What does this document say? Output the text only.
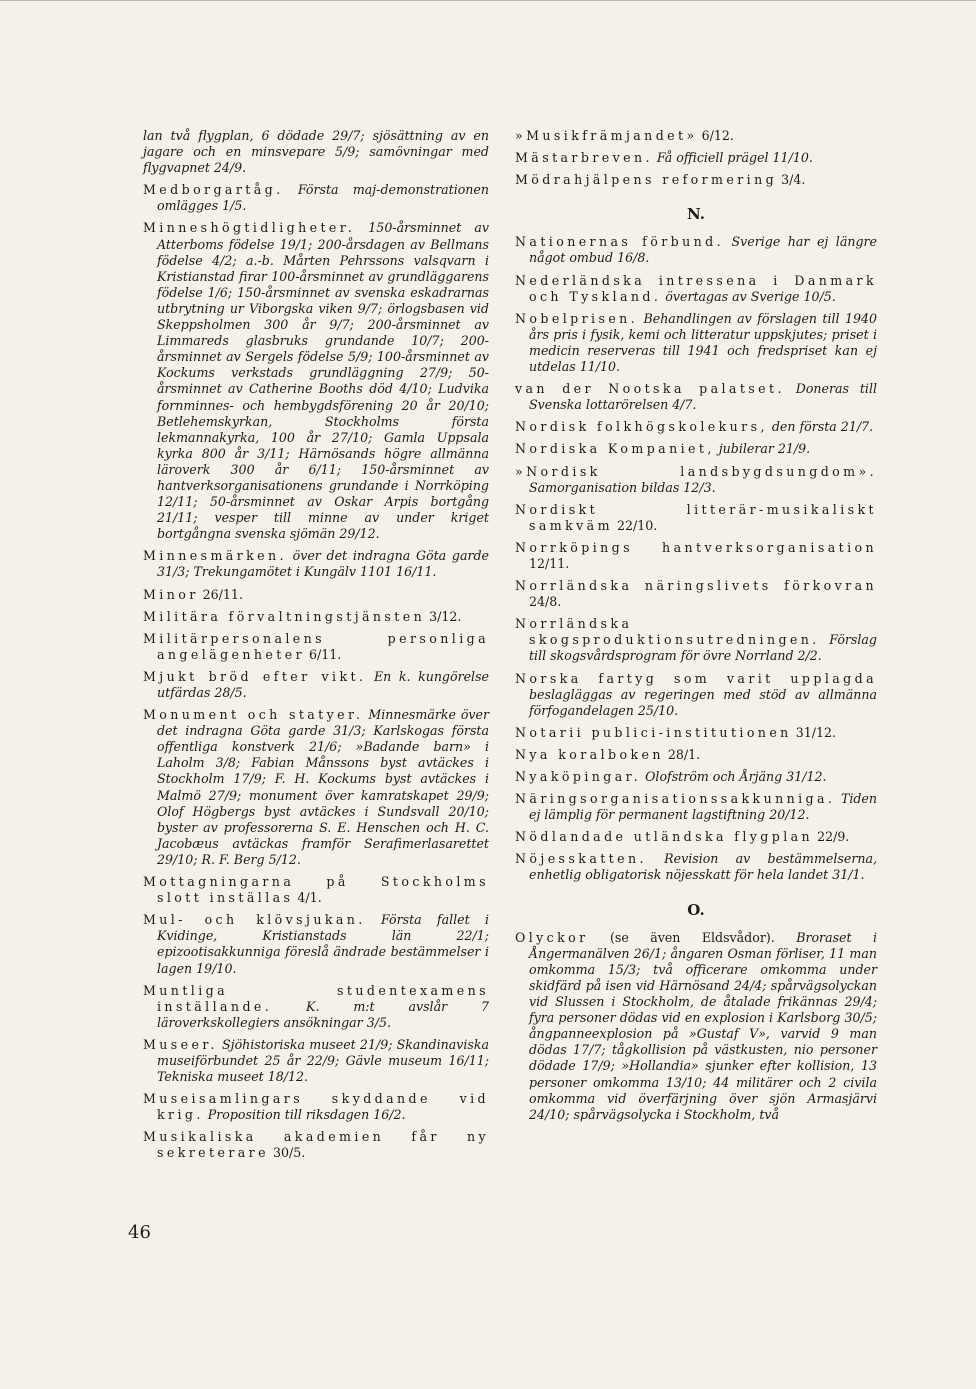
lan två flygplan, 6 dödade 29/7; sjösättning av en jagare och en minsvepare 5/9; samövningar med flygvapnet 24/9.

Medborgartåg. Första maj-demonstrationen omlägges 1/5.

Minneshögtidligheter. 150-årsminnet av Atterboms födelse 19/1; 200-årsdagen av Bellmans födelse 4/2; a.-b. Mårten Pehrssons valsqvarn i Kristianstad firar 100-årsminnet av grundläggarens födelse 1/6; 150-årsminnet av svenska eskadrarnas utbrytning ur Viborgska viken 9/7; örlogsbasen vid Skeppsholmen 300 år 9/7; 200-årsminnet av Limmareds glasbruks grundande 10/7; 200-årsminnet av Sergels födelse 5/9; 100-årsminnet av Kockums verkstads grundläggning 27/9; 50-årsminnet av Catherine Booths död 4/10; Ludvika fornminnes- och hembygdsförening 20 år 20/10; Betlehemskyrkan, Stockholms första lekmannakyrka, 100 år 27/10; Gamla Uppsala kyrka 800 år 3/11; Härnösands högre allmänna läroverk 300 år 6/11; 150-årsminnet av hantverksorganisationens grundande i Norrköping 12/11; 50-årsminnet av Oskar Arpis bortgång 21/11; vesper till minne av under kriget bortgångna svenska sjömän 29/12.

Minnesmärken. över det indragna Göta garde 31/3; Trekungamötet i Kungälv 1101 16/11.

Minor 26/11.

Militära förvaltningstjänsten 3/12.

Militärpersonalens personliga angelägenheter 6/11.

Mjukt bröd efter vikt. En k. kungörelse utfärdas 28/5.

Monument och statyer. Minnesmärke över det indragna Göta garde 31/3; Karlskogas första offentliga konstverk 21/6; »Badande barn» i Laholm 3/8; Fabian Månssons byst avtäckes i Stockholm 17/9; F. H. Kockums byst avtäckes i Malmö 27/9; monument över kamratskapet 29/9; Olof Högbergs byst avtäckes i Sundsvall 20/10; byster av professorerna S. E. Henschen och H. C. Jacobæus avtäckas framför Serafimerlasarettet 29/10; R. F. Berg 5/12.

Mottagningarna på Stockholms slott inställas 4/1.

Mul- och klövsjukan. Första fallet i Kvidinge, Kristianstads län 22/1; epizootisakkunniga föreslå ändrade bestämmelser i lagen 19/10.

Muntliga studentexamens inställande.	K. m:t avslår 7 läroverkskollegiers ansökningar 3/5.

Museer. Sjöhistoriska museet 21/9; Skandinaviska museiförbundet 25 år 22/9; Gävle museum 16/11; Tekniska museet 18/12.

Museisamlingars skyddande vid krig. Proposition till riksdagen 16/2.

Musikaliska akademien får ny sekreterare 30/5.

»Musikfrämjandet» 6/12.

Mästarbreven. Få officiell prägel 11/10.

Mödrahjälpens reformering 3/4.

N.

Nationernas förbund. Sverige har ej längre något ombud 16/8.

Nederländska intressena i Danmark och Tyskland. övertagas av Sverige 10/5.

Nobelprisen. Behandlingen av förslagen till 1940 års pris i fysik, kemi och litteratur uppskjutes; priset i medicin reserveras till 1941 och fredspriset kan ej utdelas 11/10.

van der Nootska palatset. Doneras till Svenska lottarörelsen 4/7.

Nordisk folkhögskolekurs, den första 21/7.

Nordiska Kompaniet, jubilerar 21/9.

»Nordisk landsbygdsungdom». Samorganisation bildas 12/3.

Nordiskt litterär-musikaliskt samkväm 22/10.

Norrköpings hantverksorganisation 12/11.

Norrländska näringslivets förkovran 24/8.

Norrländska skogsproduktionsutredningen. Förslag till skogsvårdsprogram för övre Norrland 2/2.

Norska fartyg som varit upplagda beslagläggas av regeringen med stöd av allmänna förfogandelagen 25/10.

Notarii publici-institutionen 31/12.

Nya koralboken 28/1.

Nyaköpingar. Olofström och Årjäng 31/12.

Näringsorganisationssakkunniga. Tiden ej lämplig för permanent lagstiftning 20/12.

Nödlandade utländska flygplan 22/9.

Nöjesskatten. Revision av bestämmelserna, enhetlig obligatorisk nöjesskatt för hela landet 31/1.

O.

Olyckor (se även Eldsvådor). Broraset i Ångermanälven 26/1; ångaren Osman förliser, 11 man omkomma 15/3; två officerare omkomma under skidfärd på isen vid Härnösand 24/4; spårvägsolyckan vid Slussen i Stockholm, de åtalade frikännas 29/4; fyra personer dödas vid en explosion i Karlsborg 30/5; ångpanneexplosion på »Gustaf V», varvid 9 man dödas 17/7; tågkollision på västkusten, nio personer dödade 17/9; »Hollandia» sjunker efter kollision, 13 personer omkomma 13/10; 44 militärer och 2 civila omkomma vid överfärjning över sjön Armasjärvi 24/10; spårvägsolycka i Stockholm, två

46
